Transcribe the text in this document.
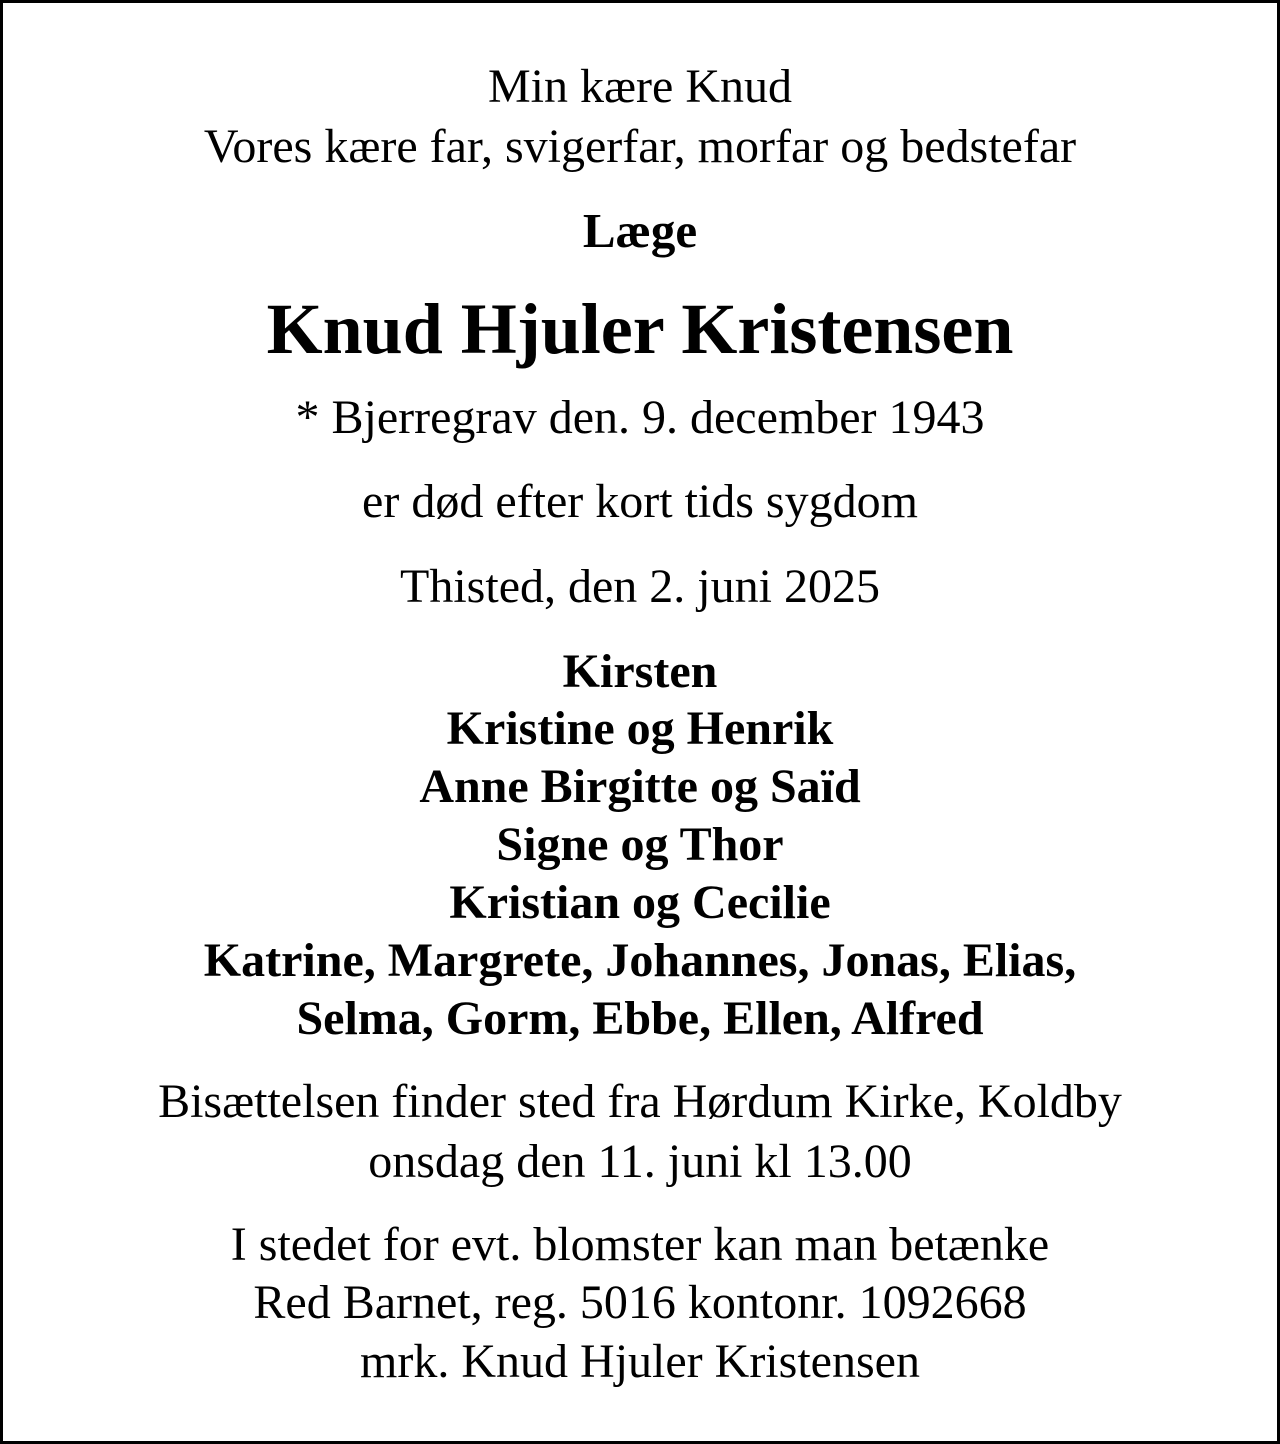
Min kære Knud
Vores kære far, svigerfar, morfar og bedstefar
Læge
Knud Hjuler Kristensen
* Bjerregrav den. 9. december 1943
er død efter kort tids sygdom
Thisted, den 2. juni 2025
Kirsten
Kristine og Henrik
Anne Birgitte og Saïd
Signe og Thor
Kristian og Cecilie
Katrine, Margrete, Johannes, Jonas, Elias,
Selma, Gorm, Ebbe, Ellen, Alfred
Bisættelsen finder sted fra Hørdum Kirke, Koldby
onsdag den 11. juni kl 13.00
I stedet for evt. blomster kan man betænke
Red Barnet, reg. 5016 kontonr. 1092668
mrk. Knud Hjuler Kristensen
